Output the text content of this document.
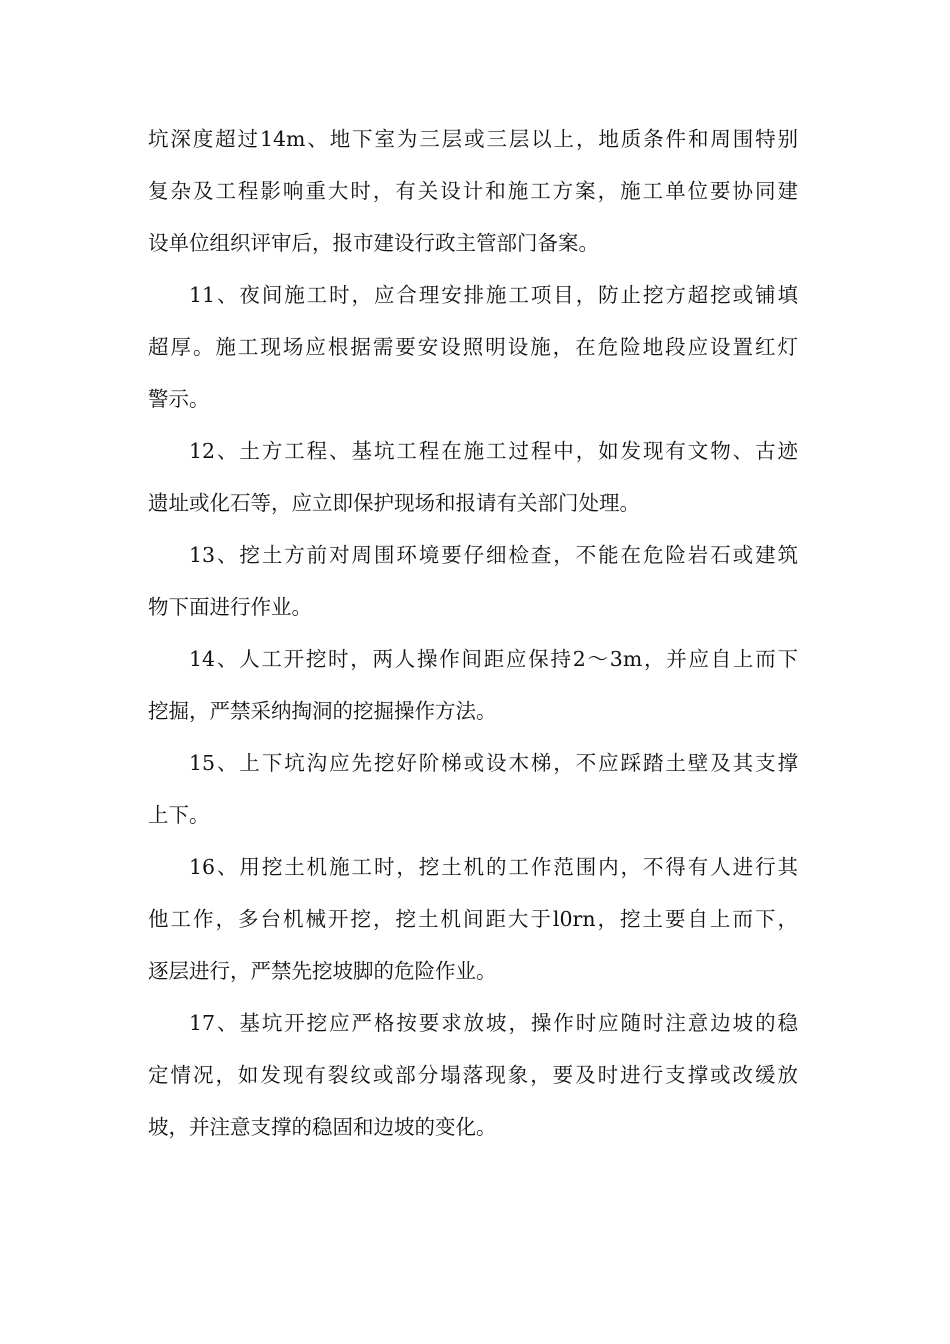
坑深度超过14m、地下室为三层或三层以上，地质条件和周围特别
复杂及工程影响重大时，有关设计和施工方案，施工单位要协同建
设单位组织评审后，报市建设行政主管部门备案。
11、夜间施工时，应合理安排施工项目，防止挖方超挖或铺填
超厚。施工现场应根据需要安设照明设施，在危险地段应设置红灯
警示。
12、土方工程、基坑工程在施工过程中，如发现有文物、古迹
遗址或化石等，应立即保护现场和报请有关部门处理。
13、挖土方前对周围环境要仔细检查，不能在危险岩石或建筑
物下面进行作业。
14、人工开挖时，两人操作间距应保持2～3m，并应自上而下
挖掘，严禁采纳掏洞的挖掘操作方法。
15、上下坑沟应先挖好阶梯或设木梯，不应踩踏土壁及其支撑
上下。
16、用挖土机施工时，挖土机的工作范围内，不得有人进行其
他工作，多台机械开挖，挖土机间距大于l0rn，挖土要自上而下，
逐层进行，严禁先挖坡脚的危险作业。
17、基坑开挖应严格按要求放坡，操作时应随时注意边坡的稳
定情况，如发现有裂纹或部分塌落现象，要及时进行支撑或改缓放
坡，并注意支撑的稳固和边坡的变化。
